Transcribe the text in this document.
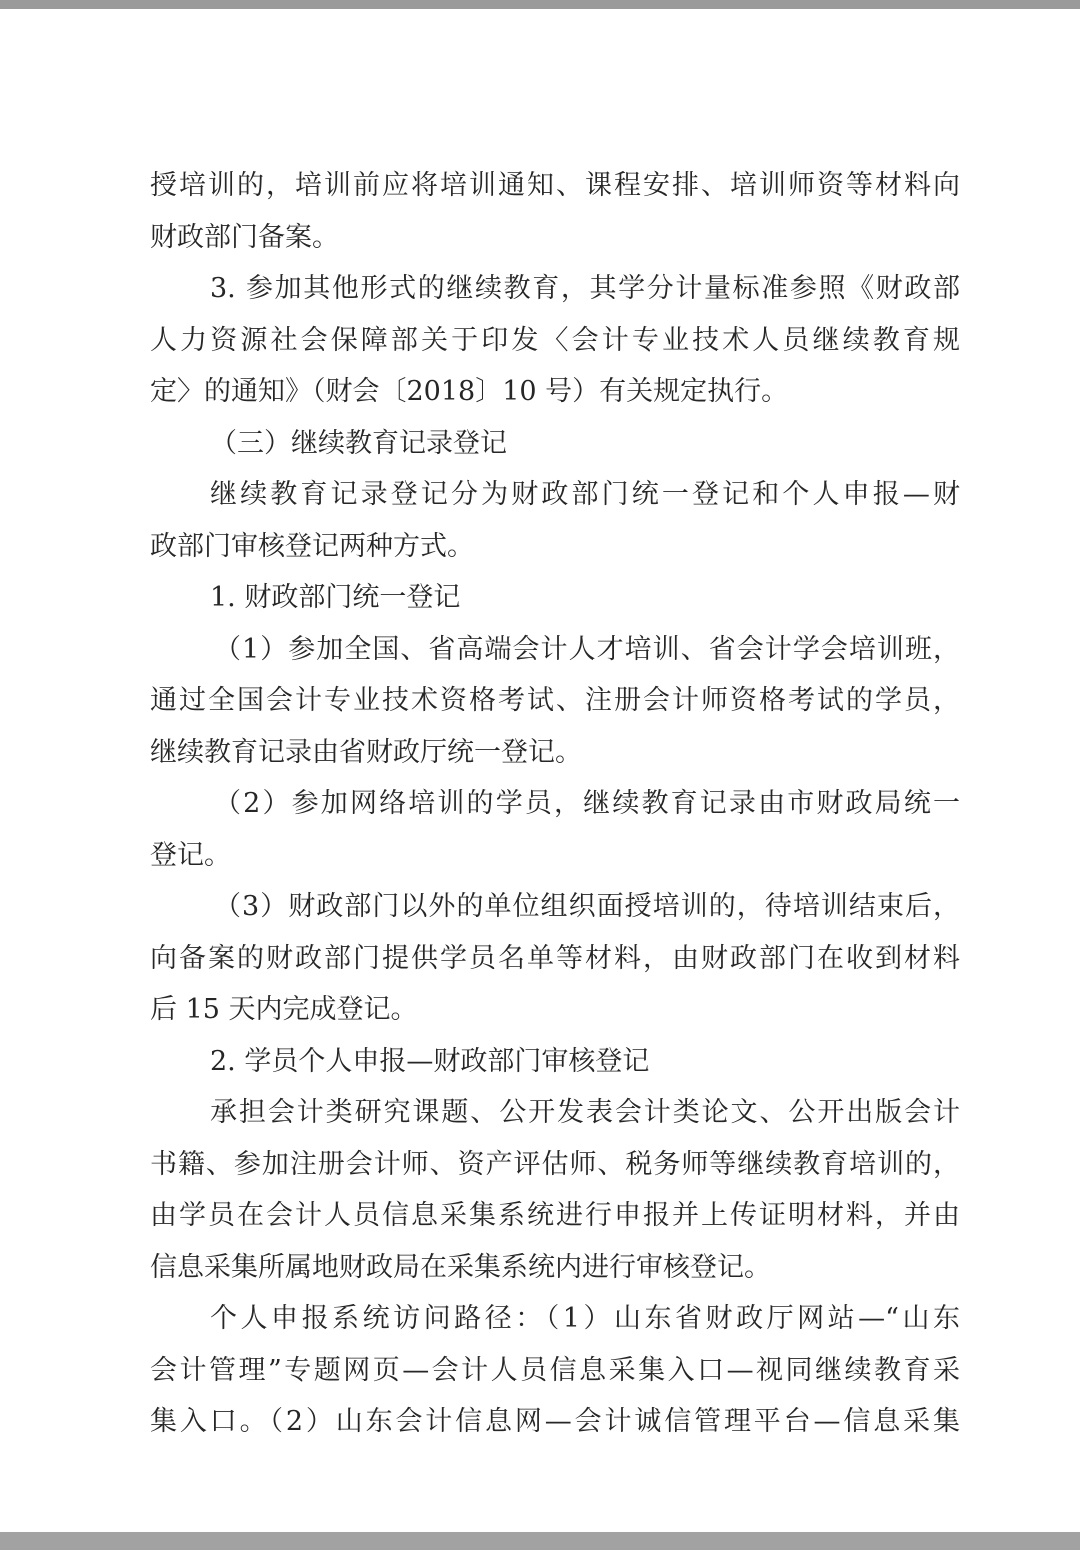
授培训的，培训前应将培训通知、课程安排、培训师资等材料向
财政部门备案。
3. 参加其他形式的继续教育，其学分计量标准参照《财政部
人力资源社会保障部关于印发〈会计专业技术人员继续教育规
定〉的通知》（财会〔2018〕10 号）有关规定执行。
（三）继续教育记录登记
继续教育记录登记分为财政部门统一登记和个人申报—财
政部门审核登记两种方式。
1. 财政部门统一登记
（1）参加全国、省高端会计人才培训、省会计学会培训班，
通过全国会计专业技术资格考试、注册会计师资格考试的学员，
继续教育记录由省财政厅统一登记。
（2）参加网络培训的学员，继续教育记录由市财政局统一
登记。
（3）财政部门以外的单位组织面授培训的，待培训结束后，
向备案的财政部门提供学员名单等材料，由财政部门在收到材料
后 15 天内完成登记。
2. 学员个人申报—财政部门审核登记
承担会计类研究课题、公开发表会计类论文、公开出版会计
书籍、参加注册会计师、资产评估师、税务师等继续教育培训的，
由学员在会计人员信息采集系统进行申报并上传证明材料，并由
信息采集所属地财政局在采集系统内进行审核登记。
个人申报系统访问路径：（1）山东省财政厅网站—“山东
会计管理”专题网页—会计人员信息采集入口—视同继续教育采
集入口。（2）山东会计信息网—会计诚信管理平台—信息采集
